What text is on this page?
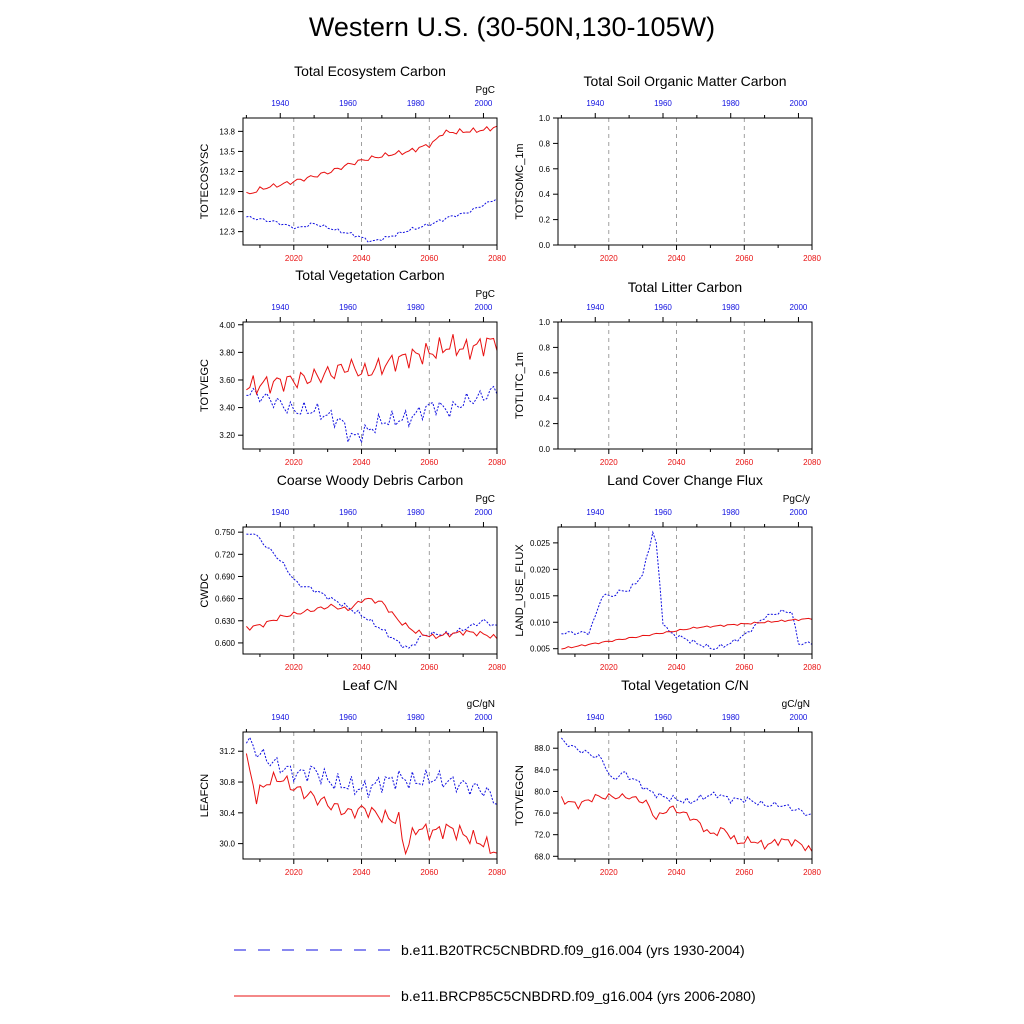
Western U.S. (30-50N,130-105W)
Total Ecosystem Carbon
PgC
TOTECOSYSC
12.3
12.6
12.9
13.2
13.5
13.8
2020	2040	2060	2080
1940	1960	1980	2000
Total Soil Organic Matter Carbon
TOTSOMC_1m
0.0
0.2
0.4
0.6
0.8
1.0
2020	2040	2060	2080
1940	1960	1980	2000
Total Vegetation Carbon
PgC
TOTVEGC
3.20
3.40
3.60
3.80
4.00
2020	2040	2060	2080
1940	1960	1980	2000
Total Litter Carbon
TOTLITC_1m
0.0
0.2
0.4
0.6
0.8
1.0
2020	2040	2060	2080
1940	1960	1980	2000
Coarse Woody Debris Carbon
PgC
CWDC
0.600
0.630
0.660
0.690
0.720
0.750
2020	2040	2060	2080
1940	1960	1980	2000
Land Cover Change Flux
PgC/y
LAND_USE_FLUX
0.005
0.010
0.015
0.020
0.025
2020	2040	2060	2080
1940	1960	1980	2000
Leaf C/N
gC/gN
LEAFCN
30.0
30.4
30.8
31.2
2020	2040	2060	2080
1940	1960	1980	2000
Total Vegetation C/N
gC/gN
TOTVEGCN
68.0
72.0
76.0
80.0
84.0
88.0
2020	2040	2060	2080
1940	1960	1980	2000
b.e11.B20TRC5CNBDRD.f09_g16.004 (yrs 1930-2004)
b.e11.BRCP85C5CNBDRD.f09_g16.004 (yrs 2006-2080)
